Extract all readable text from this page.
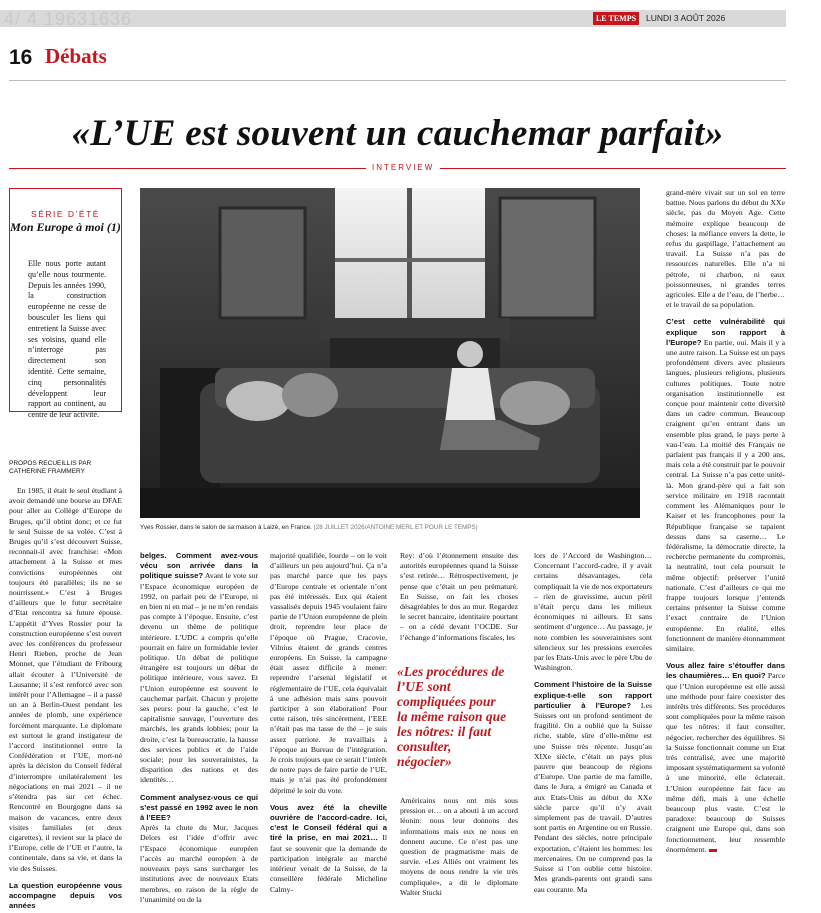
4/ 4 19631636	LE TEMPS	LUNDI 3 AOÛT 2026
16 Débats
«L’UE est souvent un cauchemar parfait»
INTERVIEW
SÉRIE D’ÉTÉ
Mon Europe à moi (1)
Elle nous porte autant qu’elle nous tourmente. Depuis les années 1990, la construction européenne ne cesse de bousculer les liens qui entretient la Suisse avec ses voisins, quand elle n’interroge pas directement son identité. Cette semaine, cinq personnalités développent leur rapport au continent, au centre de leur activité.
PROPOS RECUEILLIS PAR
CATHERINE FRAMMERY

En 1985, il était le seul étudiant à avoir demandé une bourse au DFAE pour aller au Collège d’Europe de Bruges, qu’il obtint donc; et ce fut le seul Suisse de sa volée. C’est à Bruges qu’il s’est découvert Suisse, reconnait-il avec franchise: «Mon attachement à la Suisse et mes convictions européennes ont toujours été parallèles; ils ne se nourrissent.» C’est à Bruges d’ailleurs que le futur secrétaire d’Etat rencontra sa future épouse. L’appétit d’Yves Rossier pour la construction européenne s’est ouvert avec les conférences du professeur Henri Rieben, proche de Jean Monnet, que l’étudiant de Fribourg allait écouter à l’Université de Lausanne; il s’est renforcé avec son intérêt pour l’Allemagne – il a passé un an à Berlin-Ouest pendant les années de plomb, une expérience forcément marquante. Le diplomate est surtout le grand instigateur de l’accord institutionnel entre la Confédération et l’UE, mort-né après la décision du Conseil fédéral d’interrompre unilatéralement les négociations en mai 2021 – il ne s’étendra pas sur cet échec. Rencontré en Bourgogne dans sa maison de vacances, entre deux visites familiales (et deux cigarettes), il revient sur la place de l’Europe, celle de l’UE et l’autre, la continentale, dans sa vie, et dans la vie des Suisses.

La question européenne vous accompagne depuis vos années

Yves Rossier, dans le salon de sa maison à Laizé, en France. (28 JUILLET 2026/ANTOINE MERL ET POUR LE TEMPS)

belges. Comment avez-vous vécu son arrivée dans la politique suisse? Avant le vote sur l’Espace économique européen de 1992, on parlait peu de l’Europe, ni en bien ni en mal – je ne m’en rendais pas compte à l’époque. Ensuite, c’est devenu un thème de politique intérieure. L’UDC a compris qu’elle pourrait en faire un formidable levier politique. Un débat de politique étrangère est toujours un débat de politique intérieure, vous savez. Et l’Union européenne est souvent le cauchemar parfait. Chacun y projette ses peurs: pour la gauche, c’est le capitalisme sauvage, l’ouverture des marchés, les grands lobbies; pour la droite, c’est la bureaucratie, la hausse des services publics et de l’aide sociale; pour les souverainistes, la disparition des nations et des identités…

Comment analysez-vous ce qui s’est passé en 1992 avec le non à l’EEE?

Après la chute du Mur, Jacques Delors est l’idée d’offrir avec l’Espace économique européen l’accès au marché européen à de nouveaux pays sans surcharger les institutions avec de nouveaux Etats membres, en raison de la règle de l’unanimité ou de la

majorité qualifiée, lourde – on le voit d’ailleurs un peu aujourd’hui. Ça n’a pas marché parce que les pays d’Europe centrale et orientale n’ont pas été intéressés. Eux qui étaient vassalisés depuis 1945 voulaient faire partie de l’Union européenne de plein droit, reprendre leur place de l’époque où Prague, Cracovie, Vilnius étaient de grands centres européens. En Suisse, la campagne était assez difficile à mener: reprendre l’arsenal législatif et réglementaire de l’UE, cela équivalait à une adhésion mais sans pouvoir participer à son élaboration! Pour cette raison, très sincèrement, l’EEE n’était pas ma tasse de thé – je suis assez patriote. Je travaillais à l’époque au Bureau de l’intégration. Je crois toujours que ce serait l’intérêt de notre pays de faire partie de l’UE, mais je n’ai pas été profondément déprimé le soir du vote.

Vous avez été la cheville ouvrière de l’accord-cadre. Ici, c’est le Conseil fédéral qui a tiré la prise, en mai 2021… Il faut se souvenir que la demande de participation intégrale au marché intérieur venait de la Suisse, de la conseillère fédérale Micheline Calmy-

Rey: d’où l’étonnement ensuite des autorités européennes quand la Suisse s’est retirée… Rétrospectivement, je pense que c’était un peu prématuré. En Suisse, on fait les choses désagréables le dos au mur. Regardez le secret bancaire, identitaire pourtant – on a cédé devant l’OCDE. Sur l’échange d’informations fiscales, les

«Les procédures de l’UE sont compliquées pour la même raison que les nôtres: il faut consulter, négocier»

Américains nous ont mis sous pression et… on a abouti à un accord léonin: nous leur donnons des informations mais eux ne nous en donnent aucune. Ce n’est pas une question de pragmatisme mais de survie. «Les Alliés ont vraiment les moyens de nous rendre la vie très compliquée», a dit le diplomate Walter Stucki

lors de l’Accord de Washington… Concernant l’accord-cadre, il y avait certains désavantages, cela compliquait la vie de nos exportateurs – rien de gravissime, aucun péril n’était perçu dans les milieux économiques ni ailleurs. Et sans sentiment d’urgence… Au passage, je note combien les souverainistes sont silencieux sur les pressions exercées par les Etats-Unis avec le père Ubu de Washington.

Comment l’histoire de la Suisse explique-t-elle son rapport particulier à l’Europe? Les Suisses ont un profond sentiment de fragilité. On a oublié que la Suisse riche, stable, sûre d’elle-même est une Suisse très récente. Jusqu’au XIXe siècle, c’était un pays plus pauvre que beaucoup de régions d’Europe. Une partie de ma famille, dans le Jura, a émigré au Canada et aux Etats-Unis au début du XXe siècle parce qu’il n’y avait simplement pas de travail. D’autres sont partis en Argentine ou en Russie. Pendant des siècles, notre principale exportation, c’étaient les hommes: les mercenaires. On ne comprend pas la Suisse si l’on oublie cette histoire. Mes grands-parents ont grandi sans eau courante. Ma

grand-mère vivait sur un sol en terre battue. Nous parlons du début du XXe siècle, pas du Moyen Age. Cette mémoire explique beaucoup de choses: la méfiance envers la dette, le refus du gaspillage, l’attachement au travail. La Suisse n’a pas de ressources naturelles. Elle n’a ni pétrole, ni charbon, ni eaux poissonneuses, ni grandes terres agricoles. Elle a de l’eau, de l’herbe… et le travail de sa population.

C’est cette vulnérabilité qui explique son rapport à l’Europe? En partie, oui. Mais il y a une autre raison. La Suisse est un pays profondément divers avec plusieurs langues, plusieurs religions, plusieurs cultures politiques. Toute notre organisation institutionnelle est conçue pour maintenir cette diversité dans un cadre commun. Beaucoup craignent qu’en entrant dans un ensemble plus grand, le pays perte à vau-l’eau. La moitié des Français ne parlaient pas français il y a 200 ans, mais cela a été construit par le pouvoir central. La Suisse n’a pas cette unité-là. Mon grand-père qui a fait son service militaire en 1918 racontait comment les Alémaniques pour le Kaiser et les francophones pour la République française se tapaient dessus dans sa caserne… Le fédéralisme, la démocratie directe, la recherche permanente du compromis, la neutralité, tout cela poursuit le même objectif: préserver l’unité nationale. C’est d’ailleurs ce qui me frappe toujours lorsque j’entends certains présenter la Suisse comme l’exact contraire de l’Union européenne. En réalité, elles fonctionnent de manière étonnamment similaire.

Vous allez faire s’étouffer dans les chaumières… En quoi? Parce que l’Union européenne est elle aussi une méthode pour faire coexister des intérêts très différents. Ses procédures sont compliquées pour la même raison que les nôtres: il faut consulter, négocier, rechercher des équilibres. Si la Suisse fonctionnait comme un Etat très centralisé, avec une majorité imposant systématiquement sa volonté à une minorité, elle éclaterait. L’Union européenne fait face au même défi, mais à une échelle beaucoup plus vaste. C’est le paradoxe: beaucoup de Suisses craignent une Europe qui, dans son fonctionnement, leur ressemble énormément.
